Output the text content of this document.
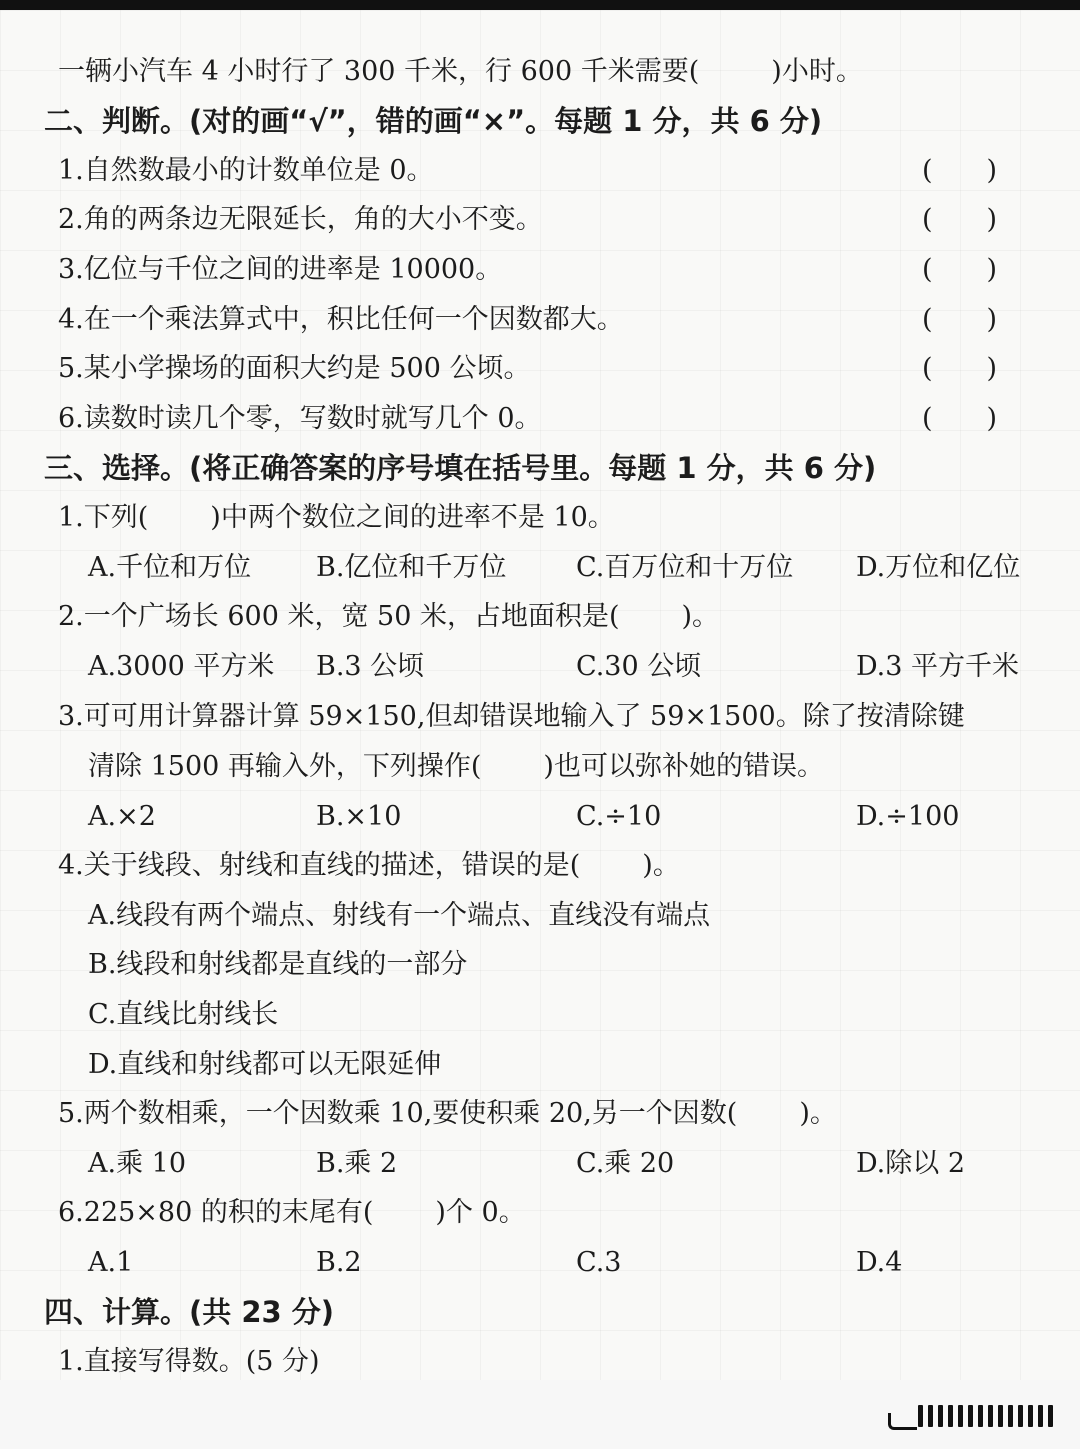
一辆小汽车 4 小时行了 300 千米，行 600 千米需要(	)小时。
二、判断。(对的画“√”，错的画“×”。每题 1 分，共 6 分)
1.自然数最小的计数单位是 0。	(　　)
2.角的两条边无限延长，角的大小不变。	(　　)
3.亿位与千位之间的进率是 10000。	(　　)
4.在一个乘法算式中，积比任何一个因数都大。	(　　)
5.某小学操场的面积大约是 500 公顷。	(　　)
6.读数时读几个零，写数时就写几个 0。	(　　)
三、选择。(将正确答案的序号填在括号里。每题 1 分，共 6 分)
1.下列( )中两个数位之间的进率不是 10。
A.千位和万位 B.亿位和千万位	C.百万位和十万位 D.万位和亿位
2.一个广场长 600 米，宽 50 米，占地面积是( )。
A.3000 平方米 B.3 公顷	C.30 公顷	D.3 平方千米
3.可可用计算器计算 59×150,但却错误地输入了 59×1500。除了按清除键
清除 1500 再输入外，下列操作( )也可以弥补她的错误。
A.×2	B.×10	C.÷10	D.÷100
4.关于线段、射线和直线的描述，错误的是( )。
A.线段有两个端点、射线有一个端点、直线没有端点
B.线段和射线都是直线的一部分
C.直线比射线长
D.直线和射线都可以无限延伸
5.两个数相乘，一个因数乘 10,要使积乘 20,另一个因数( )。
A.乘 10	B.乘 2	C.乘 20	D.除以 2
6.225×80 的积的末尾有( )个 0。
A.1	B.2	C.3	D.4
四、计算。(共 23 分)
1.直接写得数。(5 分)
